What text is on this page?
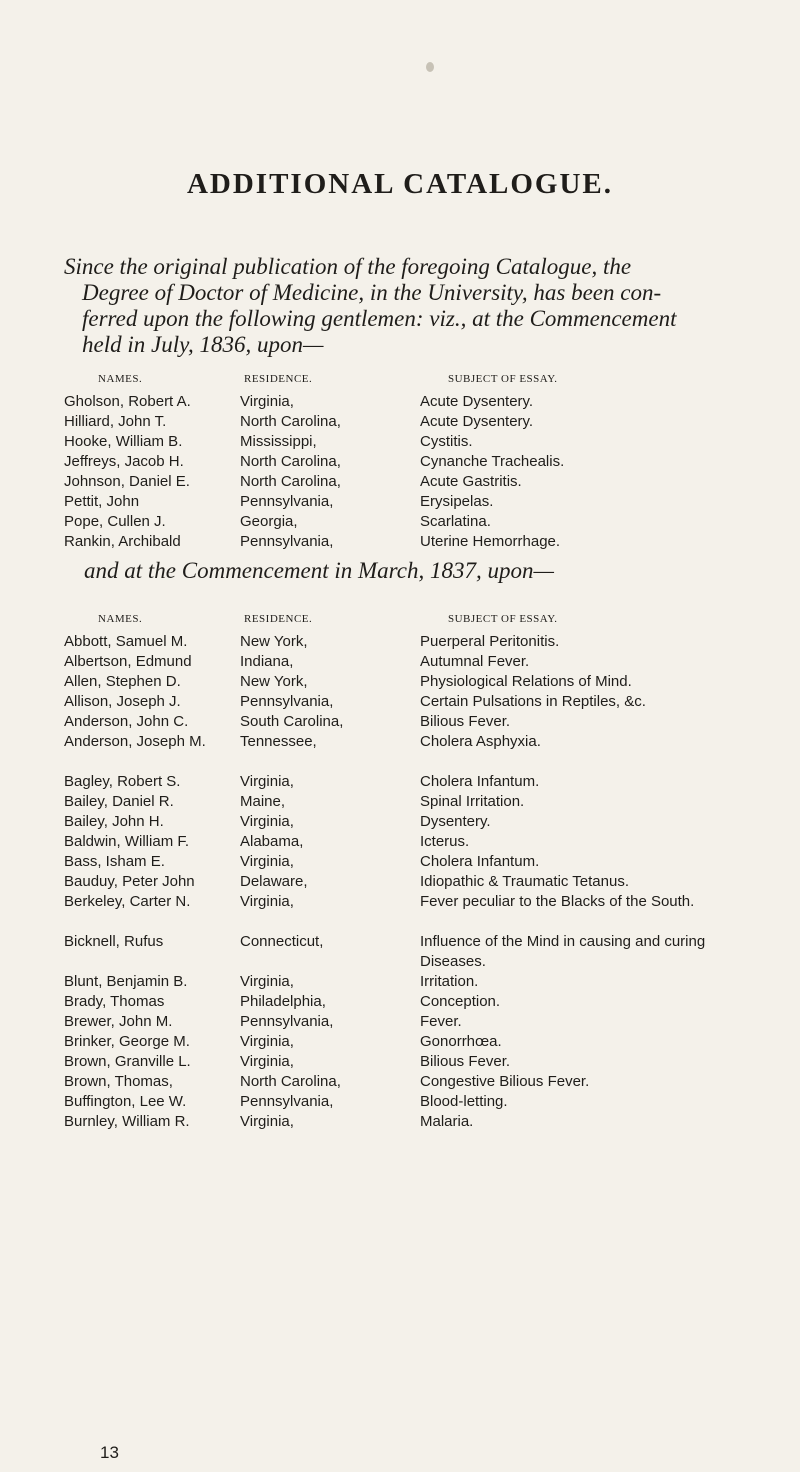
ADDITIONAL CATALOGUE.
Since the original publication of the foregoing Catalogue, the
Degree of Doctor of Medicine, in the University, has been con-
ferred upon the following gentlemen: viz., at the Commencement
held in July, 1836, upon—
NAMES.	RESIDENCE.	SUBJECT OF ESSAY.
Gholson, Robert A.	Virginia,	Acute Dysentery.
Hilliard, John T.	North Carolina,	Acute Dysentery.
Hooke, William B.	Mississippi,	Cystitis.
Jeffreys, Jacob H.	North Carolina,	Cynanche Trachealis.
Johnson, Daniel E.	North Carolina,	Acute Gastritis.
Pettit, John	Pennsylvania,	Erysipelas.
Pope, Cullen J.	Georgia,	Scarlatina.
Rankin, Archibald	Pennsylvania,	Uterine Hemorrhage.
and at the Commencement in March, 1837, upon—
NAMES.	RESIDENCE.	SUBJECT OF ESSAY.
Abbott, Samuel M.	New York,	Puerperal Peritonitis.
Albertson, Edmund	Indiana,	Autumnal Fever.
Allen, Stephen D.	New York,	Physiological Relations of Mind.
Allison, Joseph J.	Pennsylvania,	Certain Pulsations in Reptiles, &c.
Anderson, John C.	South Carolina,	Bilious Fever.
Anderson, Joseph M.	Tennessee,	Cholera Asphyxia.

Bagley, Robert S.	Virginia,	Cholera Infantum.
Bailey, Daniel R.	Maine,	Spinal Irritation.
Bailey, John H.	Virginia,	Dysentery.
Baldwin, William F.	Alabama,	Icterus.
Bass, Isham E.	Virginia,	Cholera Infantum.
Bauduy, Peter John	Delaware,	Idiopathic & Traumatic Tetanus.
Berkeley, Carter N.	Virginia,	Fever peculiar to the Blacks of the South.
Bicknell, Rufus	Connecticut,	Influence of the Mind in causing and curing Diseases.
Blunt, Benjamin B.	Virginia,	Irritation.
Brady, Thomas	Philadelphia,	Conception.
Brewer, John M.	Pennsylvania,	Fever.
Brinker, George M.	Virginia,	Gonorrhœa.
Brown, Granville L.	Virginia,	Bilious Fever.
Brown, Thomas,	North Carolina,	Congestive Bilious Fever.
Buffington, Lee W.	Pennsylvania,	Blood-letting.
Burnley, William R.	Virginia,	Malaria.
13
